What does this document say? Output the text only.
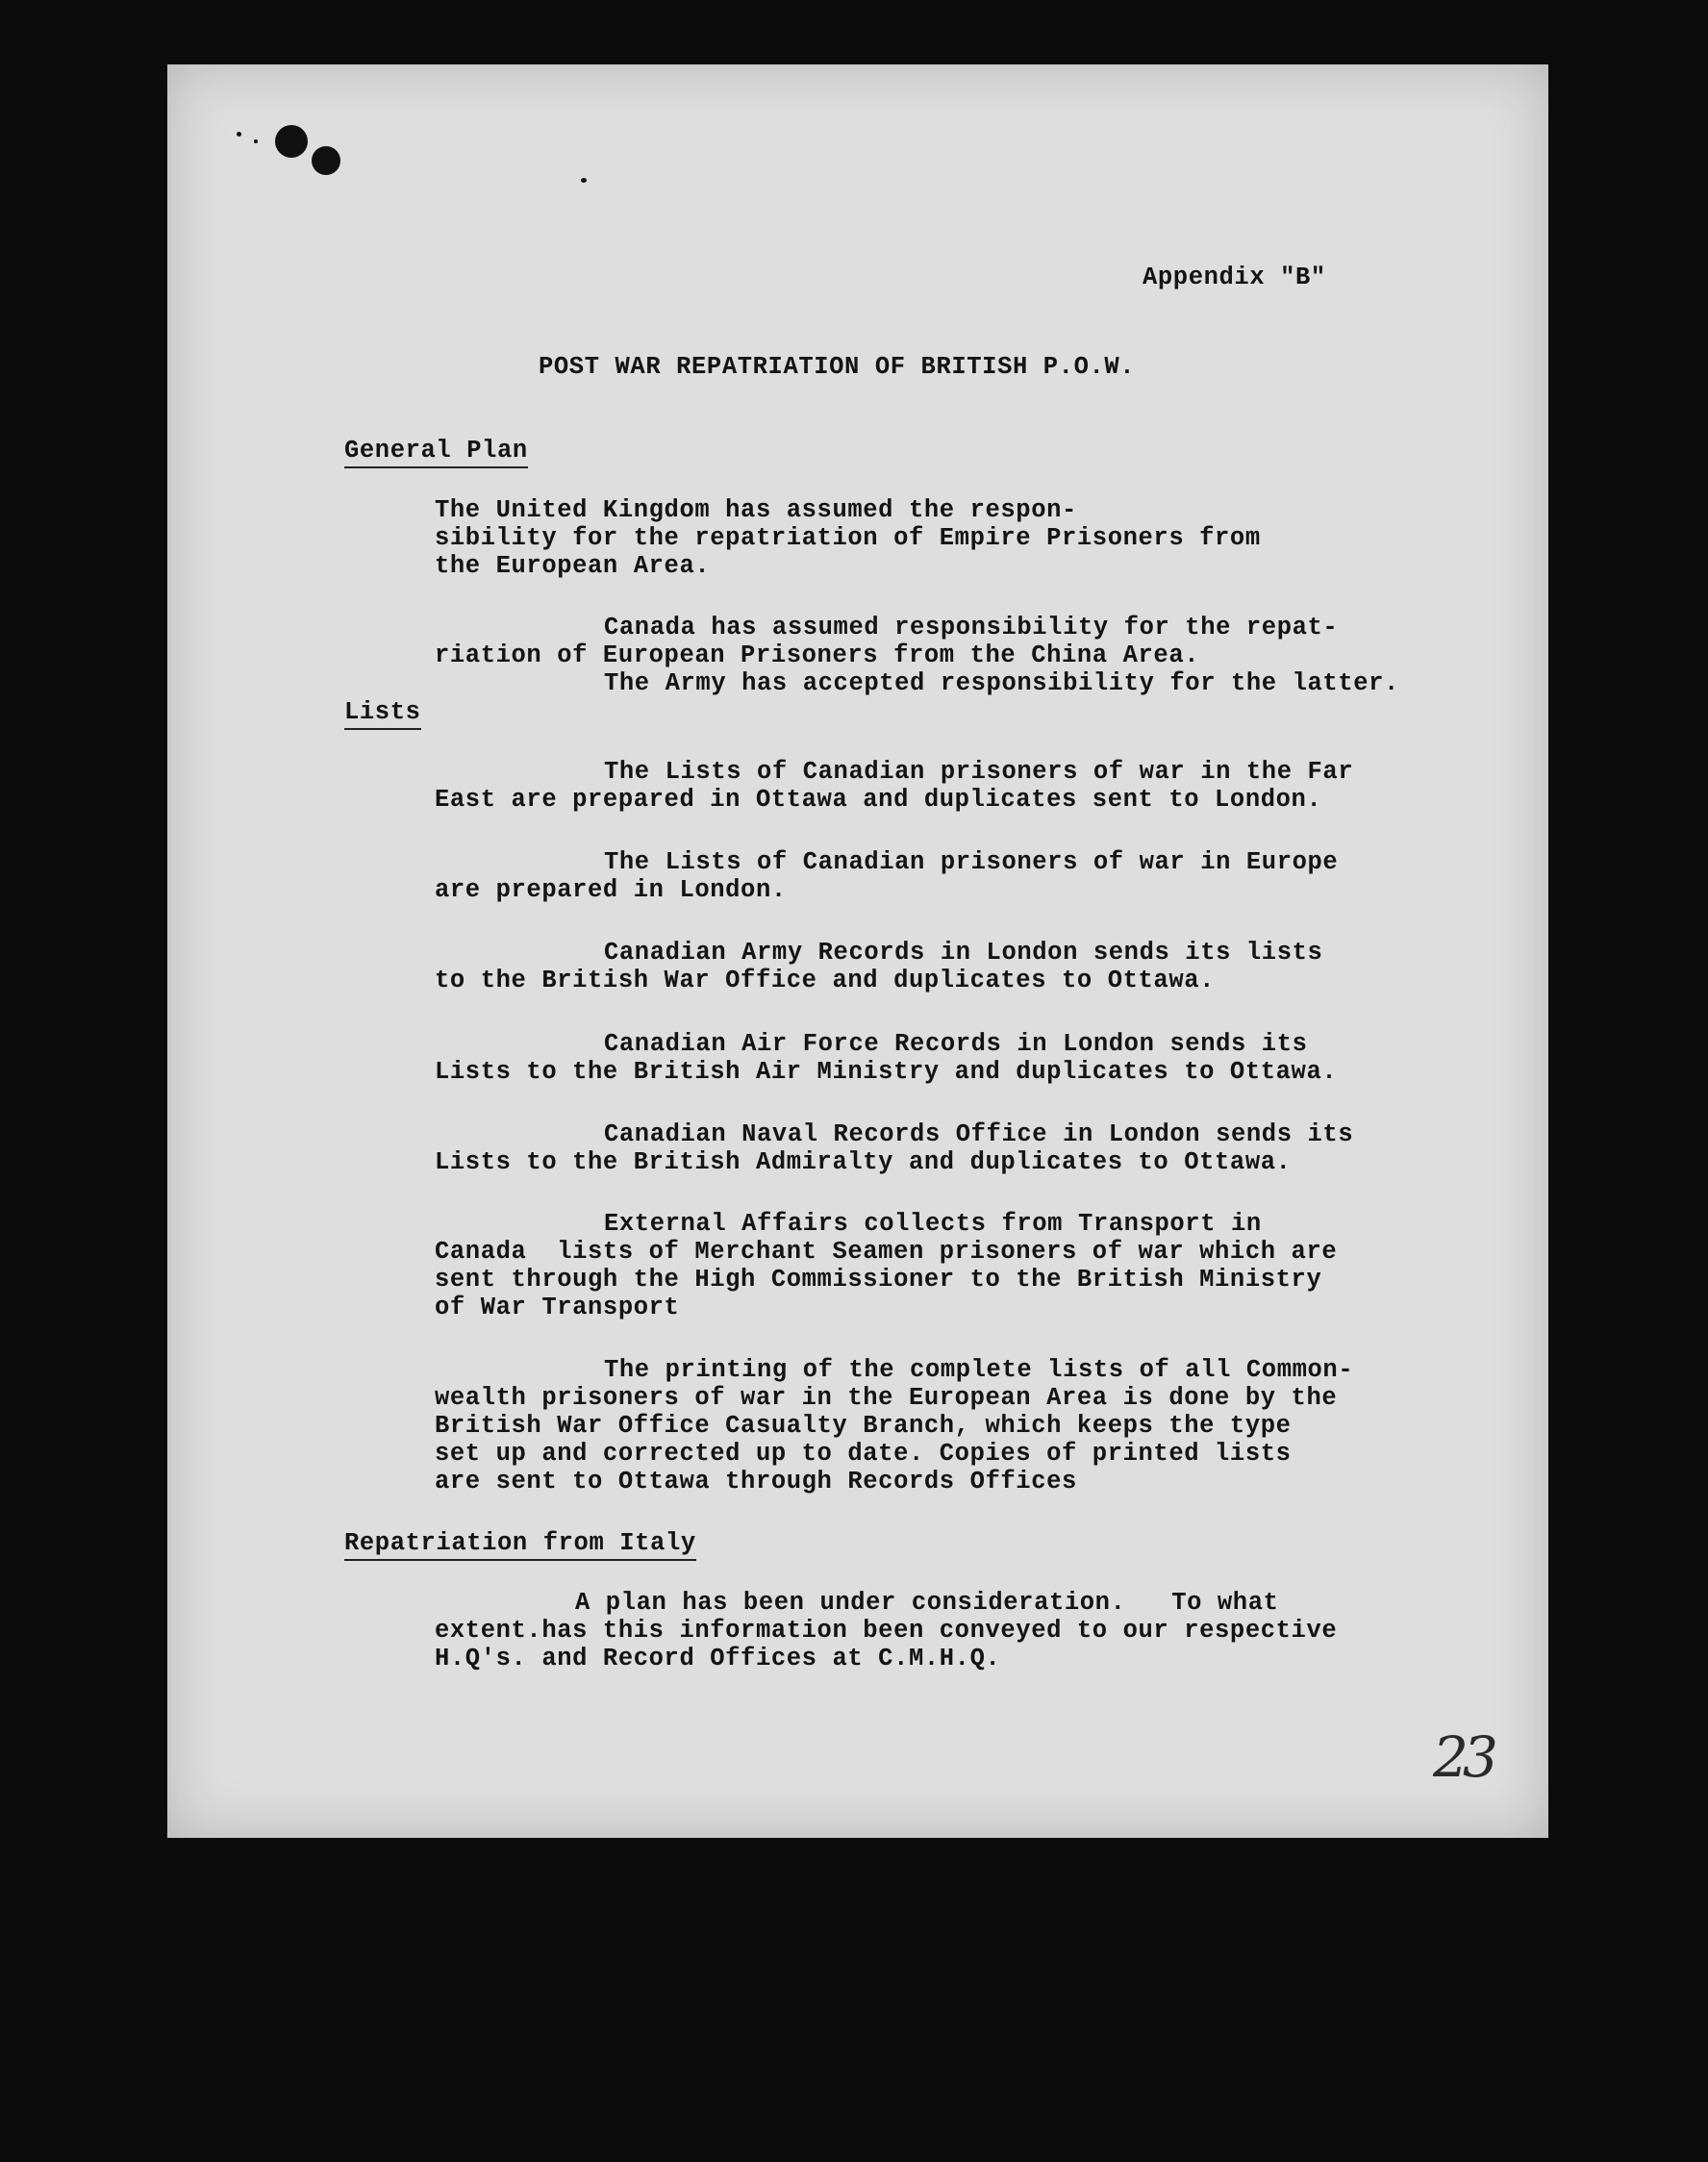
Appendix "B"
POST WAR REPATRIATION OF BRITISH P.O.W.
General Plan
The United Kingdom has assumed the respon-
sibility for the repatriation of Empire Prisoners from
the European Area.
Canada has assumed responsibility for the repat-
riation of European Prisoners from the China Area.
The Army has accepted responsibility for the latter.
Lists
The Lists of Canadian prisoners of war in the Far
East are prepared in Ottawa and duplicates sent to London.
The Lists of Canadian prisoners of war in Europe
are prepared in London.
Canadian Army Records in London sends its lists
to the British War Office and duplicates to Ottawa.
Canadian Air Force Records in London sends its
Lists to the British Air Ministry and duplicates to Ottawa.
Canadian Naval Records Office in London sends its
Lists to the British Admiralty and duplicates to Ottawa.
External Affairs collects from Transport in
Canada  lists of Merchant Seamen prisoners of war which are
sent through the High Commissioner to the British Ministry
of War Transport
The printing of the complete lists of all Common-
wealth prisoners of war in the European Area is done by the
British War Office Casualty Branch, which keeps the type
set up and corrected up to date. Copies of printed lists
are sent to Ottawa through Records Offices
Repatriation from Italy
A plan has been under consideration.   To what
extent.has this information been conveyed to our respective
H.Q's. and Record Offices at C.M.H.Q.
23
